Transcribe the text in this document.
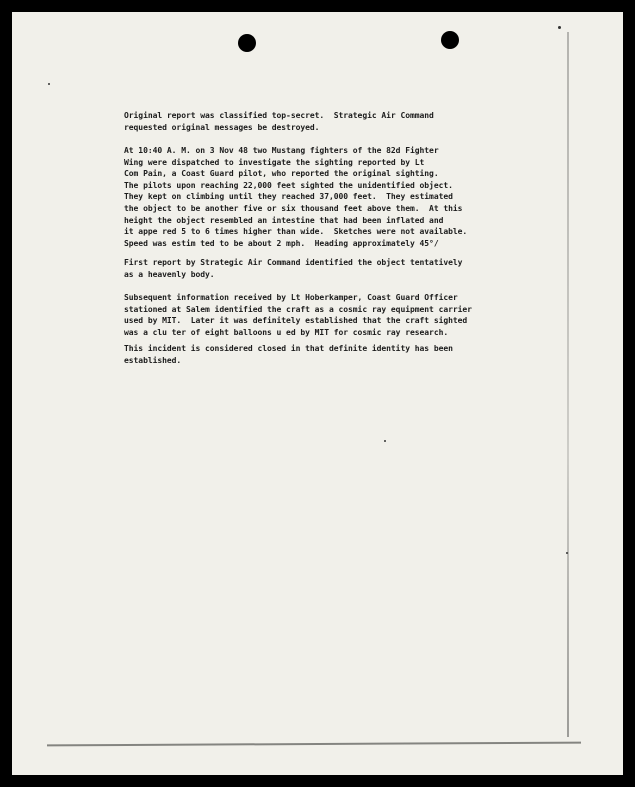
Original report was classified top-secret.  Strategic Air Command
requested original messages be destroyed.
At 10:40 A. M. on 3 Nov 48 two Mustang fighters of the 82d Fighter
Wing were dispatched to investigate the sighting reported by Lt
Com Pain, a Coast Guard pilot, who reported the original sighting.
The pilots upon reaching 22,000 feet sighted the unidentified object.
They kept on climbing until they reached 37,000 feet.  They estimated
the object to be another five or six thousand feet above them.  At this
height the object resembled an intestine that had been inflated and
it appe red 5 to 6 times higher than wide.  Sketches were not available.
Speed was estim ted to be about 2 mph.  Heading approximately 45°/
First report by Strategic Air Command identified the object tentatively
as a heavenly body.
Subsequent information received by Lt Hoberkamper, Coast Guard Officer
stationed at Salem identified the craft as a cosmic ray equipment carrier
used by MIT.  Later it was definitely established that the craft sighted
was a clu ter of eight balloons u ed by MIT for cosmic ray research.
This incident is considered closed in that definite identity has been
established.
